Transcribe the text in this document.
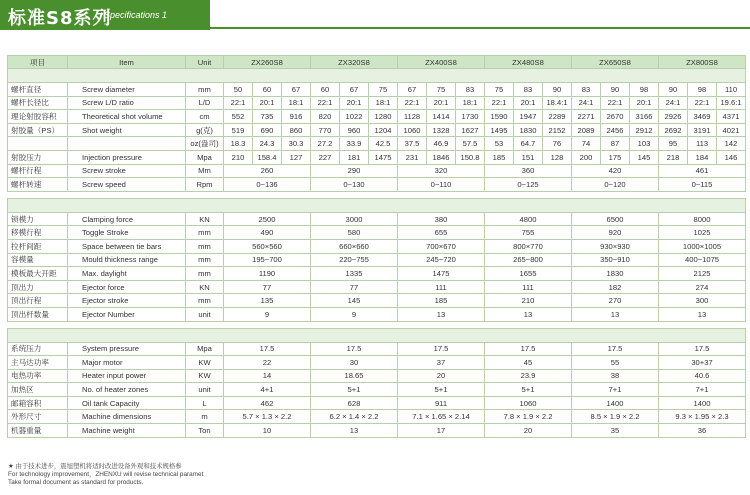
标准S8系列
Specifications 1
项目	Item	Unit	ZX260S8			ZX320S8			ZX400S8			ZX480S8			ZX650S8			ZX800S8		

螺杆直径	Screw diameter	mm	50	60	67	60	67	75	67	75	83	75	83	90	83	90	98	90	98	110
螺杆长径比	Screw L/D ratio	L/D	22:1	20:1	18:1	22:1	20:1	18:1	22:1	20:1	18:1	22:1	20:1	18.4:1	24:1	22:1	20:1	24:1	22:1	19.6:1
理论射胶容积	Theoretical shot volume	cm	552	735	916	820	1022	1280	1128	1414	1730	1590	1947	2289	2271	2670	3166	2926	3469	4371
射胶量（PS）	Shot weight	g(克)	519	690	860	770	960	1204	1060	1328	1627	1495	1830	2152	2089	2456	2912	2692	3191	4021
		oz(盎司)	18.3	24.3	30.3	27.2	33.9	42.5	37.5	46.9	57.5	53	64.7	76	74	87	103	95	113	142
射胶压力	Injection pressure	Mpa	210	158.4	127	227	181	1475	231	1846	150.8	185	151	128	200	175	145	218	184	146
螺杆行程	Screw stroke	Mm	260			290			320			360			420			461		
螺杆转速	Screw speed	Rpm	0~136			0~130			0~110			0~125			0~120			0~115		

锁模力	Clamping force	KN	2500			3000			380			4800			6500			8000		
移模行程	Toggle Stroke	mm	490			580			655			755			920			1025		
拉杆间距	Space between tie bars	mm	560×560			660×660			700×670			800×770			930×930			1000×1005		
容模量	Mould thickness range	mm	195~700			220~755			245~720			265~800			350~910			400~1075		
模板最大开距	Max. daylight	mm	1190			1335			1475			1655			1830			2125		
顶出力	Ejector force	KN	77			77			111			111			182			274		
顶出行程	Ejector stroke	mm	135			145			185			210			270			300		
顶出杆数量	Ejector Number	unit	9			9			13			13			13			13		

系统压力	System pressure	Mpa	17.5			17.5			17.5			17.5			17.5			17.5		
主马达功率	Major motor	KW	22			30			37			45			55			30+37		
电热功率	Heater input power	KW	14			18.65			20			23.9			38			40.6		
加热区	No. of heater zones	unit	4+1			5+1			5+1			5+1			7+1			7+1		
邮箱容积	Oil tank Capacity	L	462			628			911			1060			1400			1400		
外形尺寸	Machine dimensions	m	5.7 × 1.3 × 2.2			6.2 × 1.4 × 2.2			7.1 × 1.65 × 2.14			7.8 × 1.9 × 2.2			8.5 × 1.9 × 2.2			9.3 × 1.95 × 2.3		
机器重量	Machine weight	Ton	10			13			17			20			35			36		
★ 由于技术进步，震旭塑机将适时改进设备外观和技术规格参
For technology improvement，ZHENXU will revise technical paramet
Take formal document as standard for products.
